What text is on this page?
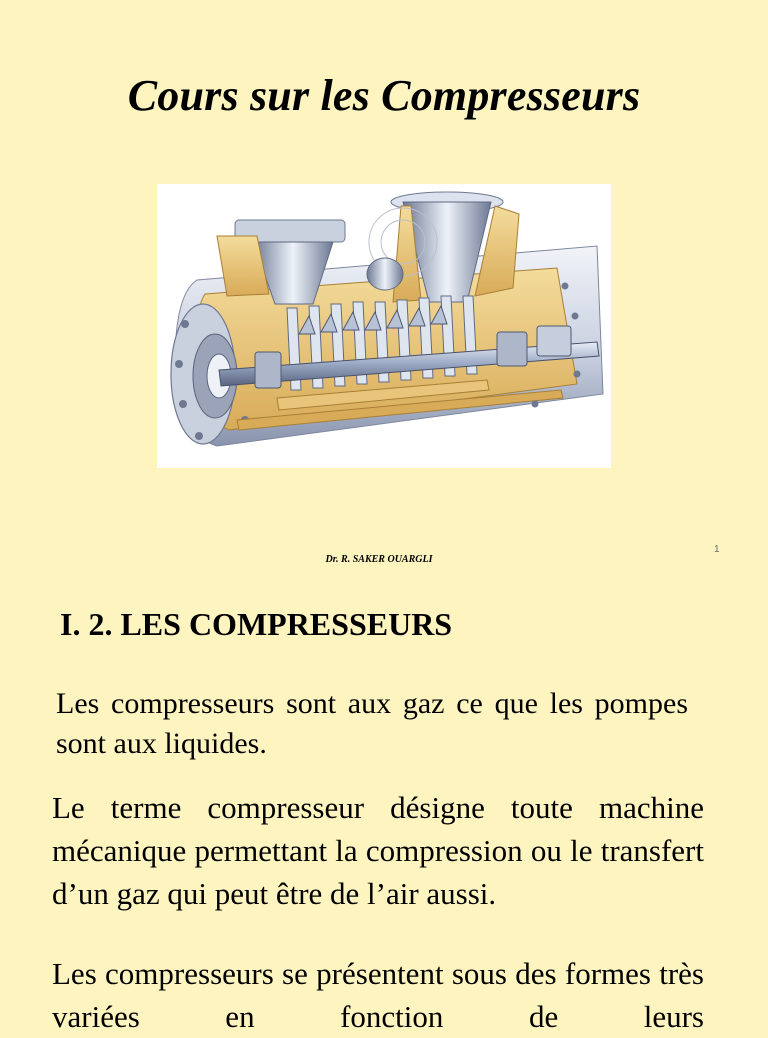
Cours sur les Compresseurs
Dr. R. SAKER OUARGLI
1
I. 2. LES COMPRESSEURS

Les compresseurs sont aux gaz ce que les pompes sont aux liquides.

Le terme compresseur désigne toute machine mécanique permettant la compression ou le transfert d’un gaz qui peut être de l’air aussi.

Les compresseurs se présentent sous des formes très variées en fonction de leurs
